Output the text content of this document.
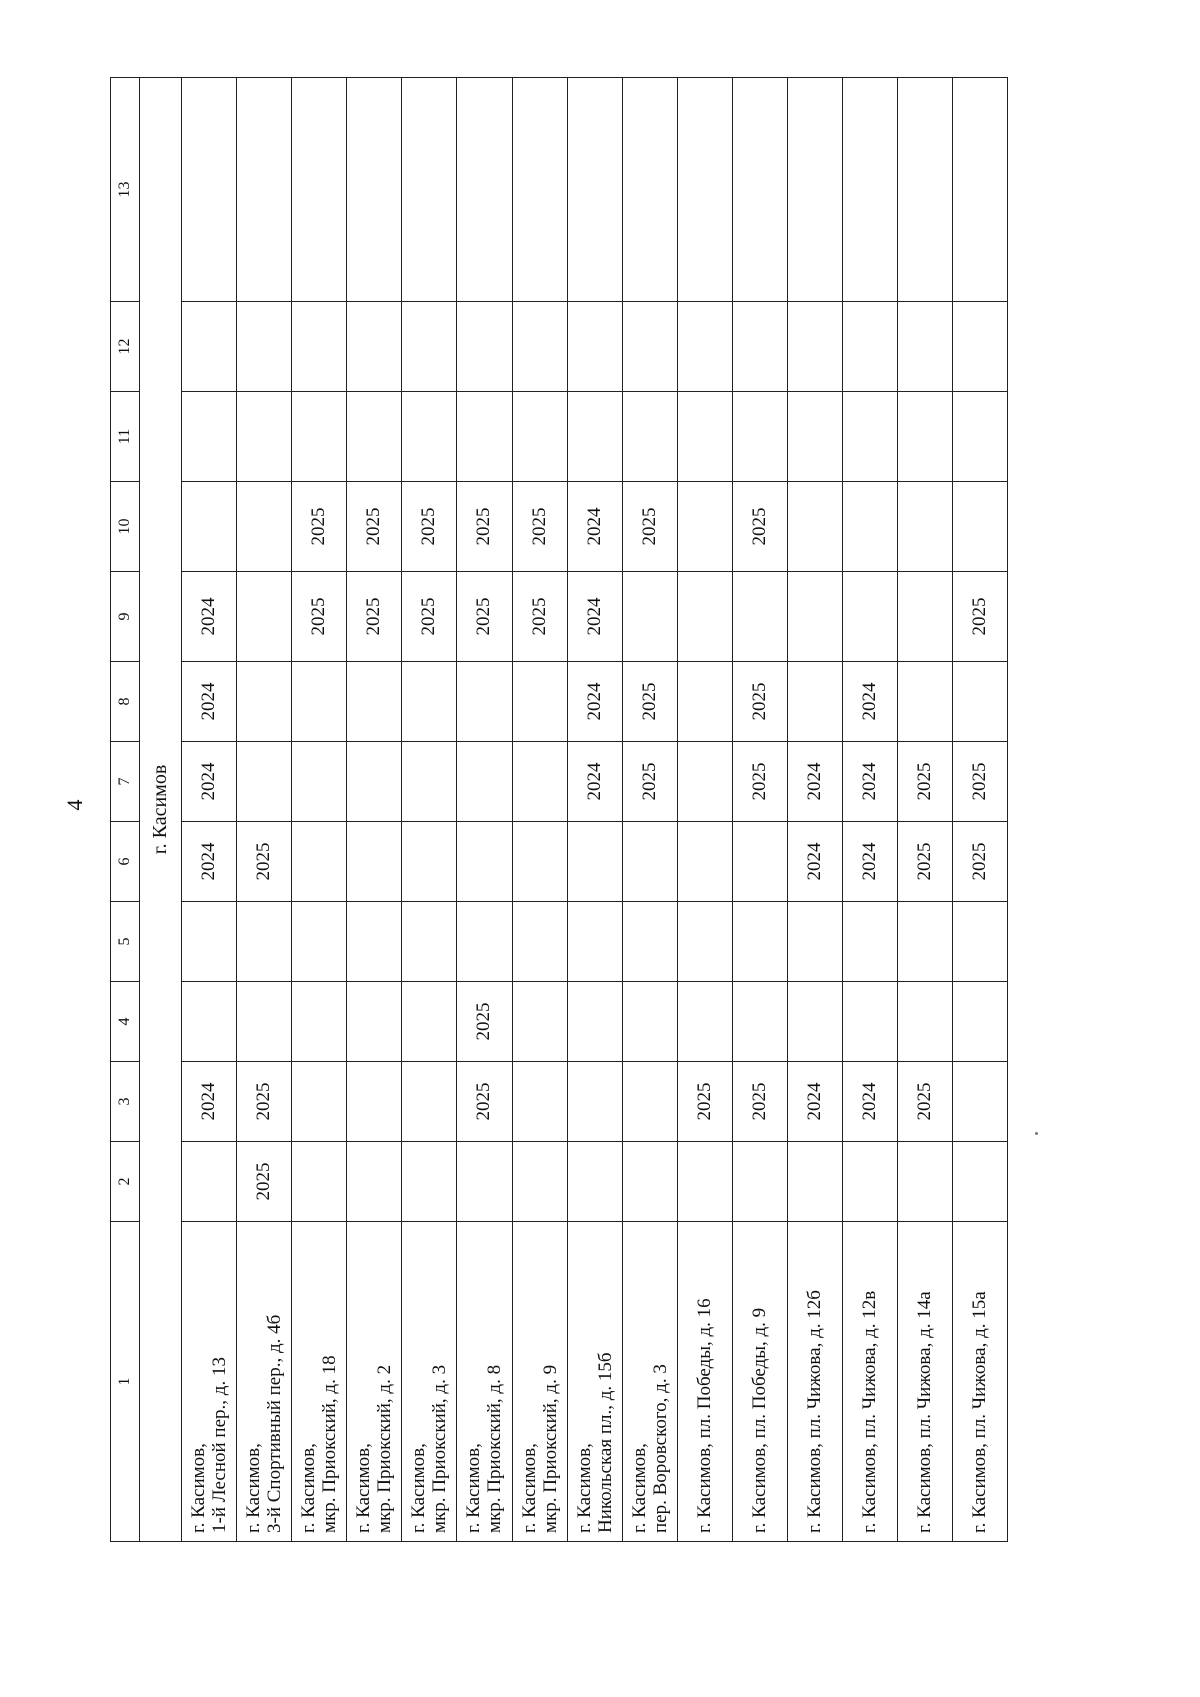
4
1	2	3	4	5	6	7	8	9	10	11	12	13
г. Касимов												

г. Касимов, 1-й Лесной пер., д. 13		2024			2024	2024	2024	2024				

г. Касимов, 3-й Спортивный пер., д. 4б	2025	2025			2025							

г. Касимов, мкр. Приокский, д. 18								2025	2025			

г. Касимов, мкр. Приокский, д. 2								2025	2025			

г. Касимов, мкр. Приокский, д. 3								2025	2025			

г. Касимов, мкр. Приокский, д. 8		2025	2025					2025	2025			

г. Касимов, мкр. Приокский, д. 9								2025	2025			

г. Касимов, Никольская пл., д. 15б						2024	2024	2024	2024			

г. Касимов, пер. Воровского, д. 3						2025	2025		2025			

г. Касимов, пл. Победы, д. 16		2025										

г. Касимов, пл. Победы, д. 9		2025				2025	2025		2025			

г. Касимов, пл. Чижова, д. 12б		2024			2024	2024						

г. Касимов, пл. Чижова, д. 12в		2024			2024	2024	2024					

г. Касимов, пл. Чижова, д. 14а		2025			2025	2025						

г. Касимов, пл. Чижова, д. 15а					2025	2025		2025				
